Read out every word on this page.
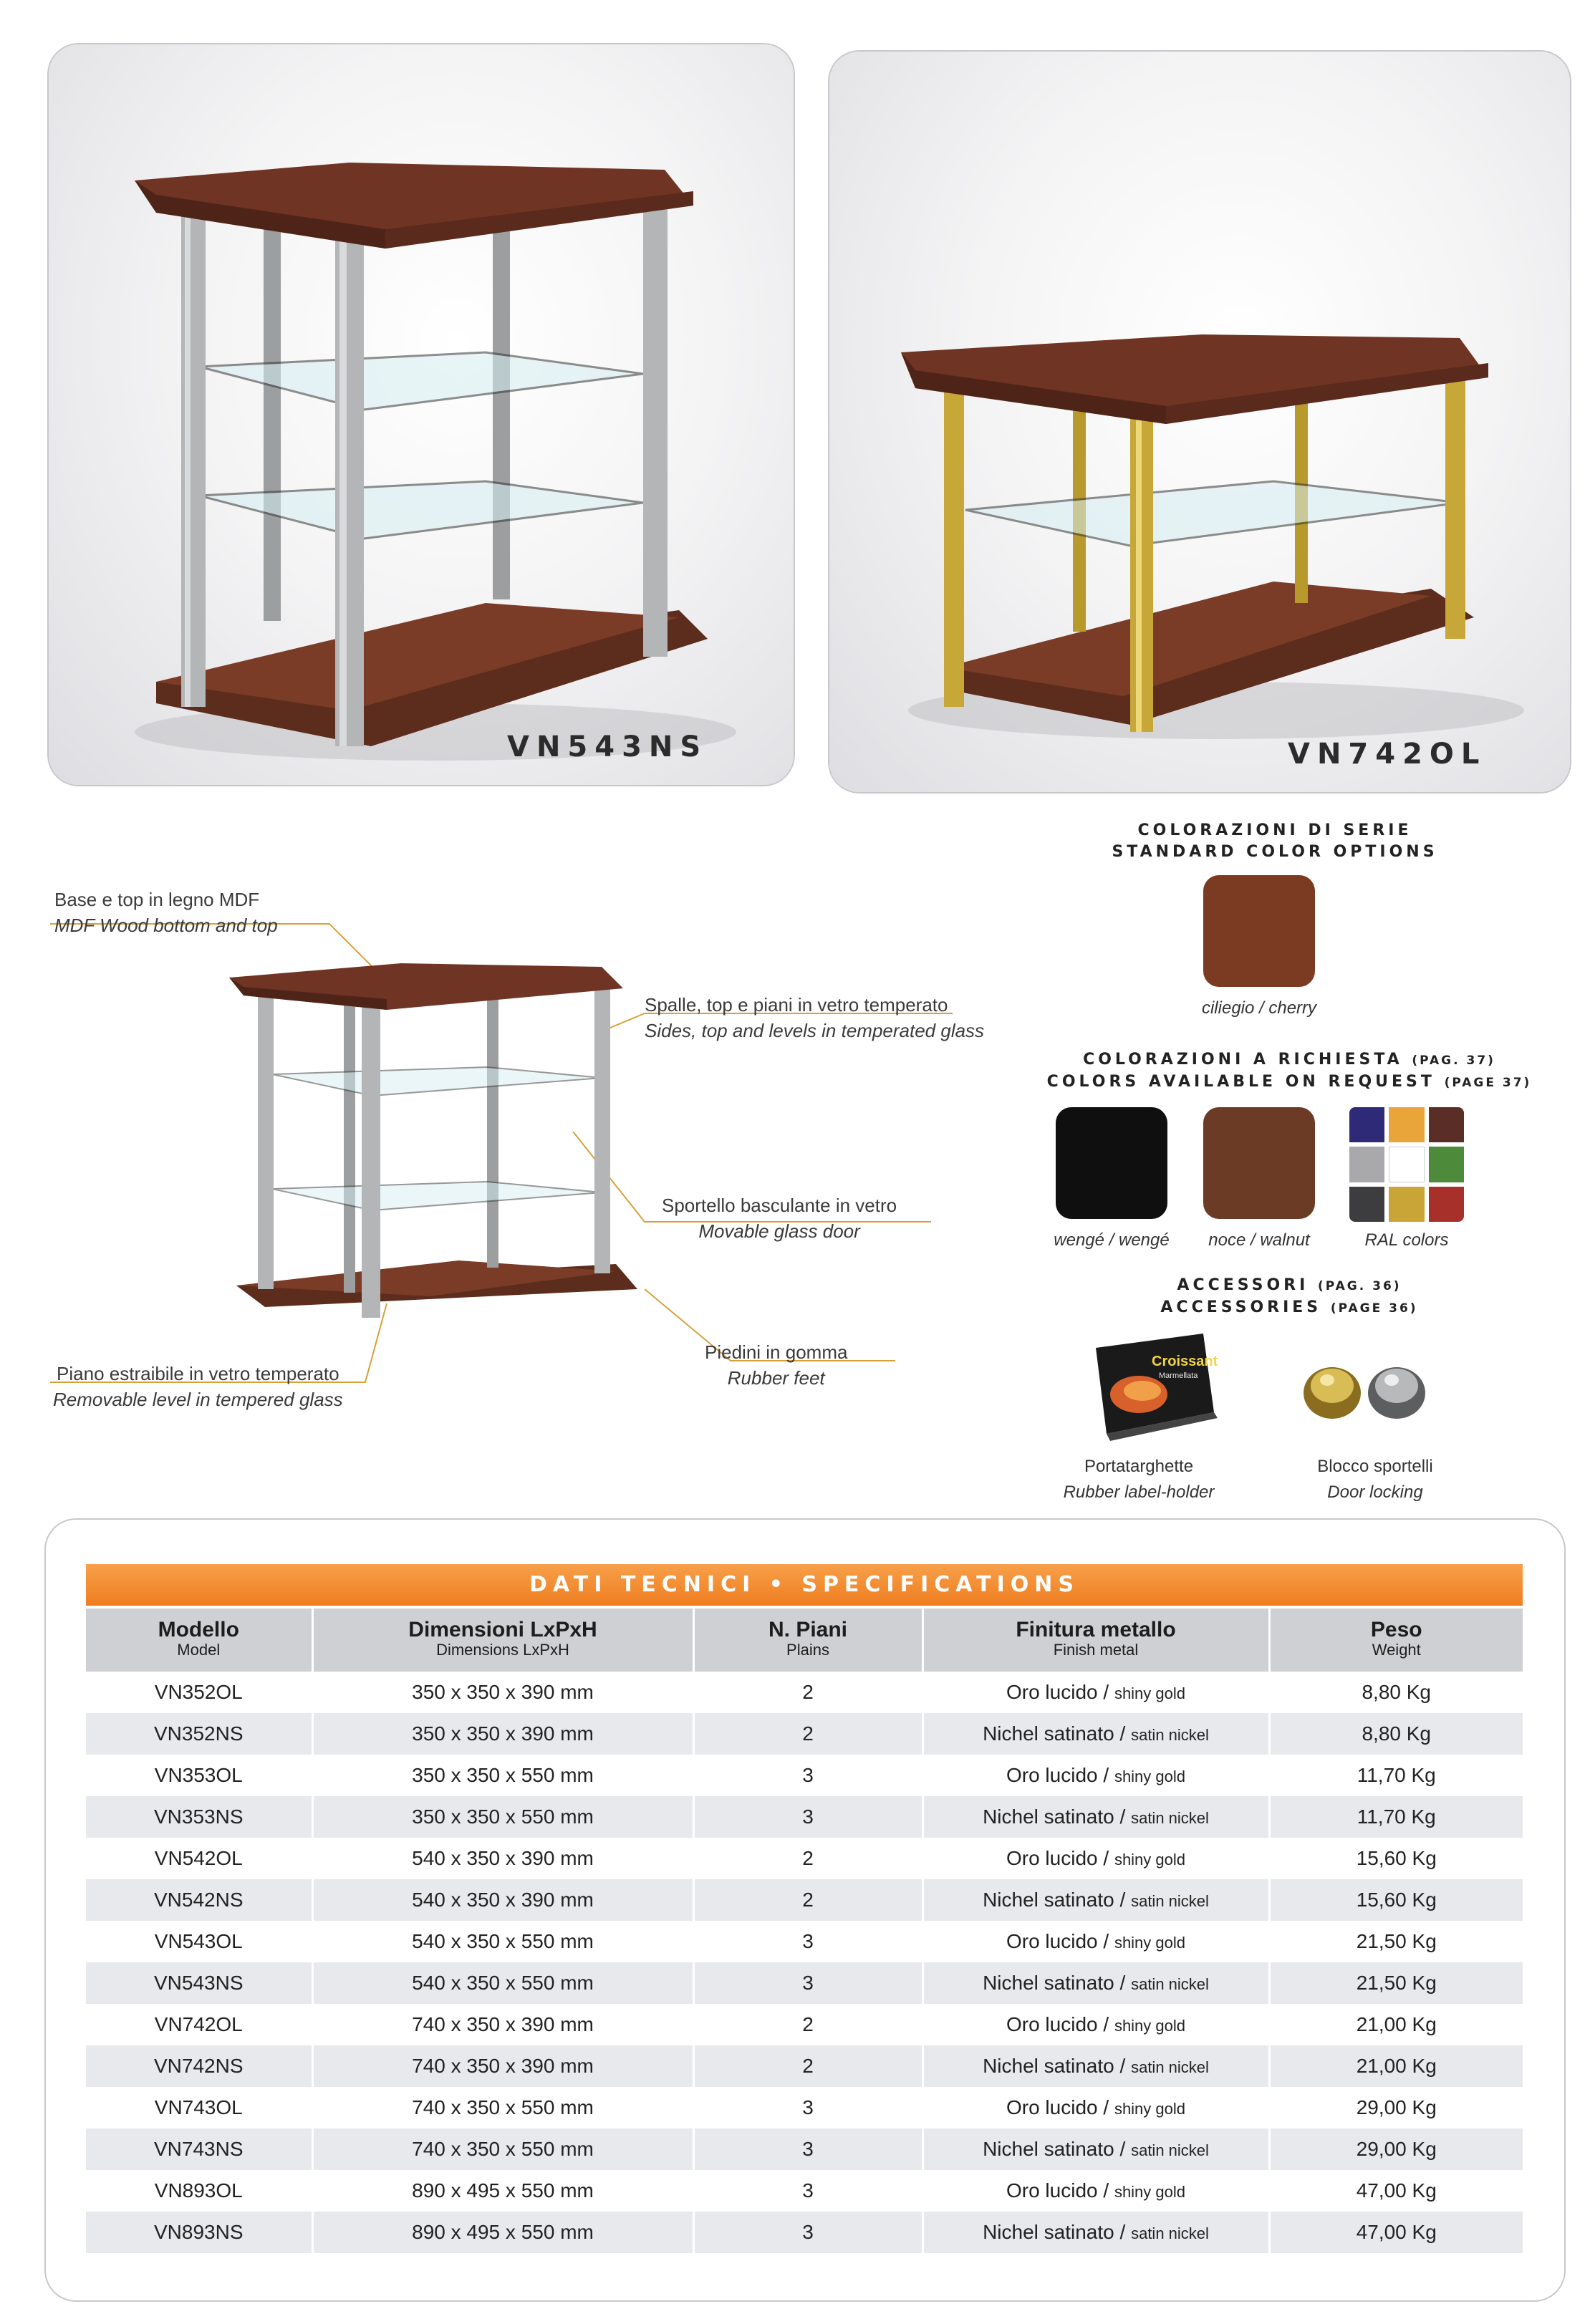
VN543NS	VN742OL
Base e top in legno MDF
MDF Wood bottom and top
Spalle, top e piani in vetro temperato
Sides, top and levels in temperated glass
Sportello basculante in vetro
Movable glass door
Piedini in gomma
Rubber feet
Piano estraibile in vetro temperato
Removable level in tempered glass
COLORAZIONI DI SERIE
STANDARD COLOR OPTIONS
ciliegio / cherry
COLORAZIONI A RICHIESTA (PAG. 37)
COLORS AVAILABLE ON REQUEST (PAGE 37)
wengé / wengé	noce / walnut	RAL colors
ACCESSORI (PAG. 36)
ACCESSORIES (PAGE 36)
Croissant
Marmellata
Portatarghette
Rubber label-holder
Blocco sportelli
Door locking
DATI TECNICI • SPECIFICATIONS
Modello
Model	Dimensioni LxPxH
Dimensions LxPxH	N. Piani
Plains	Finitura metallo
Finish metal	Peso
Weight

VN352OL	350 x 350 x 390 mm	2	Oro lucido / shiny gold	8,80 Kg
VN352NS	350 x 350 x 390 mm	2	Nichel satinato / satin nickel	8,80 Kg
VN353OL	350 x 350 x 550 mm	3	Oro lucido / shiny gold	11,70 Kg
VN353NS	350 x 350 x 550 mm	3	Nichel satinato / satin nickel	11,70 Kg
VN542OL	540 x 350 x 390 mm	2	Oro lucido / shiny gold	15,60 Kg
VN542NS	540 x 350 x 390 mm	2	Nichel satinato / satin nickel	15,60 Kg
VN543OL	540 x 350 x 550 mm	3	Oro lucido / shiny gold	21,50 Kg
VN543NS	540 x 350 x 550 mm	3	Nichel satinato / satin nickel	21,50 Kg
VN742OL	740 x 350 x 390 mm	2	Oro lucido / shiny gold	21,00 Kg
VN742NS	740 x 350 x 390 mm	2	Nichel satinato / satin nickel	21,00 Kg
VN743OL	740 x 350 x 550 mm	3	Oro lucido / shiny gold	29,00 Kg
VN743NS	740 x 350 x 550 mm	3	Nichel satinato / satin nickel	29,00 Kg
VN893OL	890 x 495 x 550 mm	3	Oro lucido / shiny gold	47,00 Kg
VN893NS	890 x 495 x 550 mm	3	Nichel satinato / satin nickel	47,00 Kg
